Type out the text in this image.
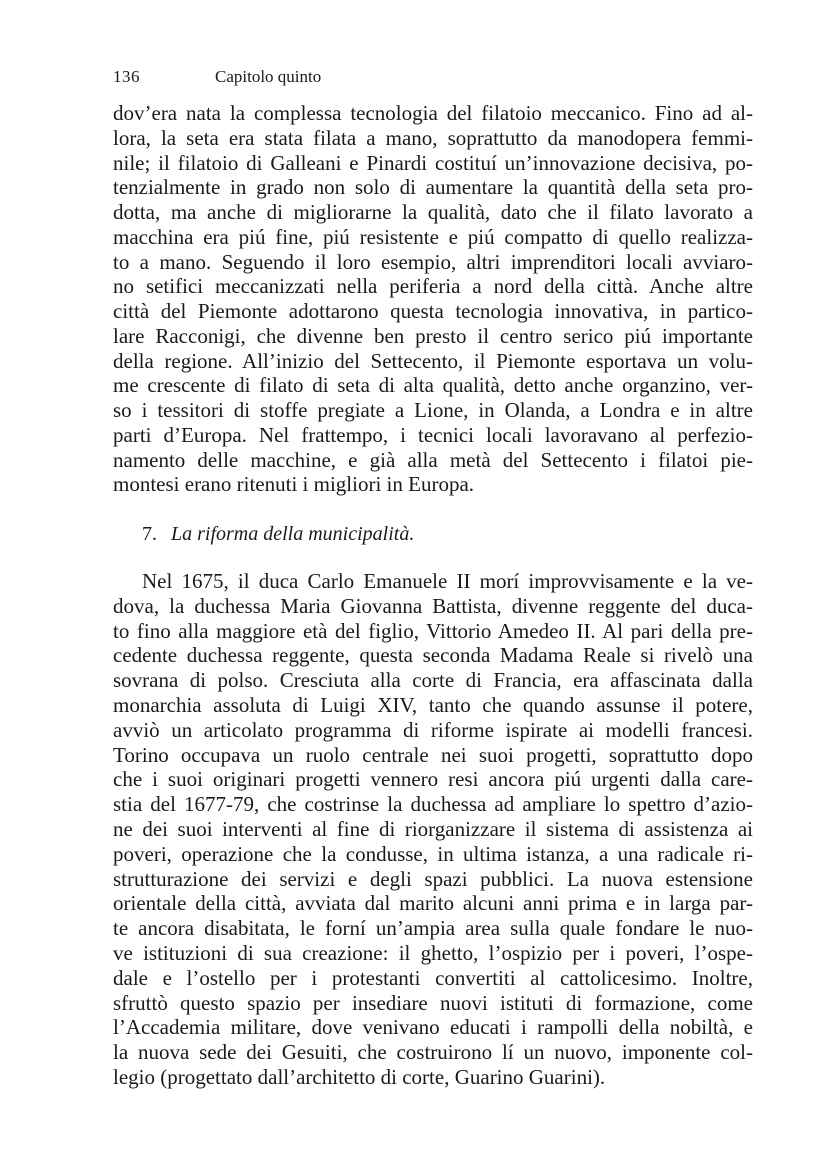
136	Capitolo quinto
dov’era nata la complessa tecnologia del filatoio meccanico. Fino ad al-
lora, la seta era stata filata a mano, soprattutto da manodopera femmi-
nile; il filatoio di Galleani e Pinardi costituí un’innovazione decisiva, po-
tenzialmente in grado non solo di aumentare la quantità della seta pro-
dotta, ma anche di migliorarne la qualità, dato che il filato lavorato a
macchina era piú fine, piú resistente e piú compatto di quello realizza-
to a mano. Seguendo il loro esempio, altri imprenditori locali avviaro-
no setifici meccanizzati nella periferia a nord della città. Anche altre
città del Piemonte adottarono questa tecnologia innovativa, in partico-
lare Racconigi, che divenne ben presto il centro serico piú importante
della regione. All’inizio del Settecento, il Piemonte esportava un volu-
me crescente di filato di seta di alta qualità, detto anche organzino, ver-
so i tessitori di stoffe pregiate a Lione, in Olanda, a Londra e in altre
parti d’Europa. Nel frattempo, i tecnici locali lavoravano al perfezio-
namento delle macchine, e già alla metà del Settecento i filatoi pie-
montesi erano ritenuti i migliori in Europa.
7. La riforma della municipalità.
Nel 1675, il duca Carlo Emanuele II morí improvvisamente e la ve-
dova, la duchessa Maria Giovanna Battista, divenne reggente del duca-
to fino alla maggiore età del figlio, Vittorio Amedeo II. Al pari della pre-
cedente duchessa reggente, questa seconda Madama Reale si rivelò una
sovrana di polso. Cresciuta alla corte di Francia, era affascinata dalla
monarchia assoluta di Luigi XIV, tanto che quando assunse il potere,
avviò un articolato programma di riforme ispirate ai modelli francesi.
Torino occupava un ruolo centrale nei suoi progetti, soprattutto dopo
che i suoi originari progetti vennero resi ancora piú urgenti dalla care-
stia del 1677-79, che costrinse la duchessa ad ampliare lo spettro d’azio-
ne dei suoi interventi al fine di riorganizzare il sistema di assistenza ai
poveri, operazione che la condusse, in ultima istanza, a una radicale ri-
strutturazione dei servizi e degli spazi pubblici. La nuova estensione
orientale della città, avviata dal marito alcuni anni prima e in larga par-
te ancora disabitata, le forní un’ampia area sulla quale fondare le nuo-
ve istituzioni di sua creazione: il ghetto, l’ospizio per i poveri, l’ospe-
dale e l’ostello per i protestanti convertiti al cattolicesimo. Inoltre,
sfruttò questo spazio per insediare nuovi istituti di formazione, come
l’Accademia militare, dove venivano educati i rampolli della nobiltà, e
la nuova sede dei Gesuiti, che costruirono lí un nuovo, imponente col-
legio (progettato dall’architetto di corte, Guarino Guarini).
